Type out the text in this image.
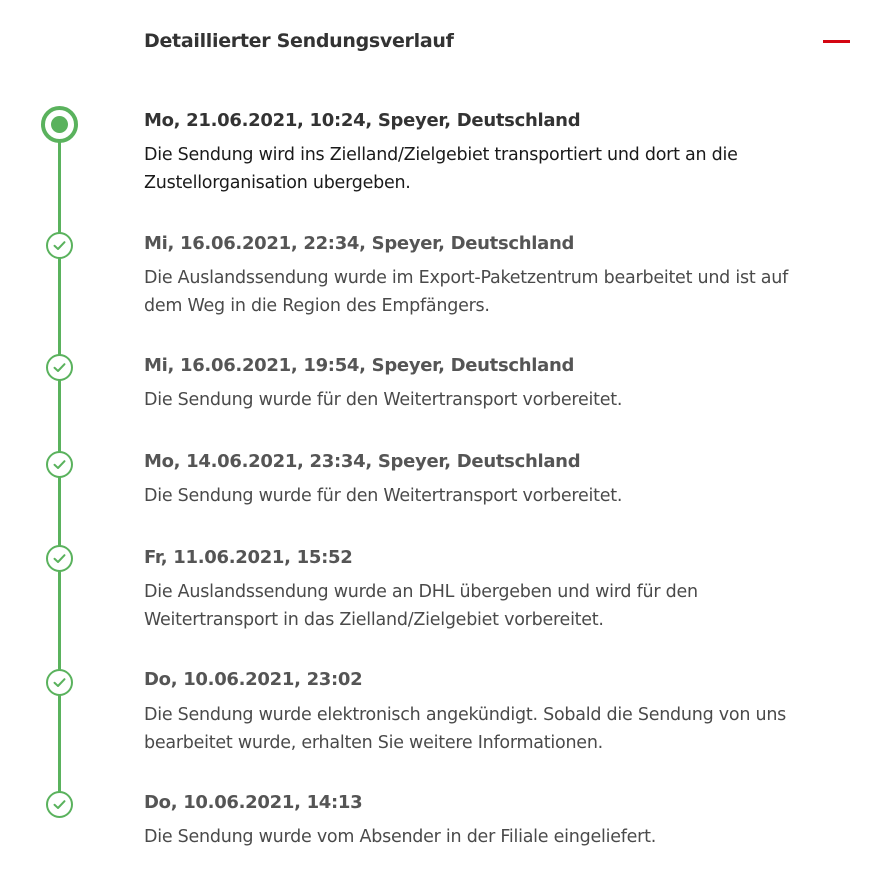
Detaillierter Sendungsverlauf
Mo, 21.06.2021, 10:24, Speyer, Deutschland
Die Sendung wird ins Zielland/Zielgebiet transportiert und dort an die
Zustellorganisation ubergeben.
Mi, 16.06.2021, 22:34, Speyer, Deutschland
Die Auslandssendung wurde im Export-Paketzentrum bearbeitet und ist auf
dem Weg in die Region des Empfängers.
Mi, 16.06.2021, 19:54, Speyer, Deutschland
Die Sendung wurde für den Weitertransport vorbereitet.
Mo, 14.06.2021, 23:34, Speyer, Deutschland
Die Sendung wurde für den Weitertransport vorbereitet.
Fr, 11.06.2021, 15:52
Die Auslandssendung wurde an DHL übergeben und wird für den
Weitertransport in das Zielland/Zielgebiet vorbereitet.
Do, 10.06.2021, 23:02
Die Sendung wurde elektronisch angekündigt. Sobald die Sendung von uns
bearbeitet wurde, erhalten Sie weitere Informationen.
Do, 10.06.2021, 14:13
Die Sendung wurde vom Absender in der Filiale eingeliefert.
